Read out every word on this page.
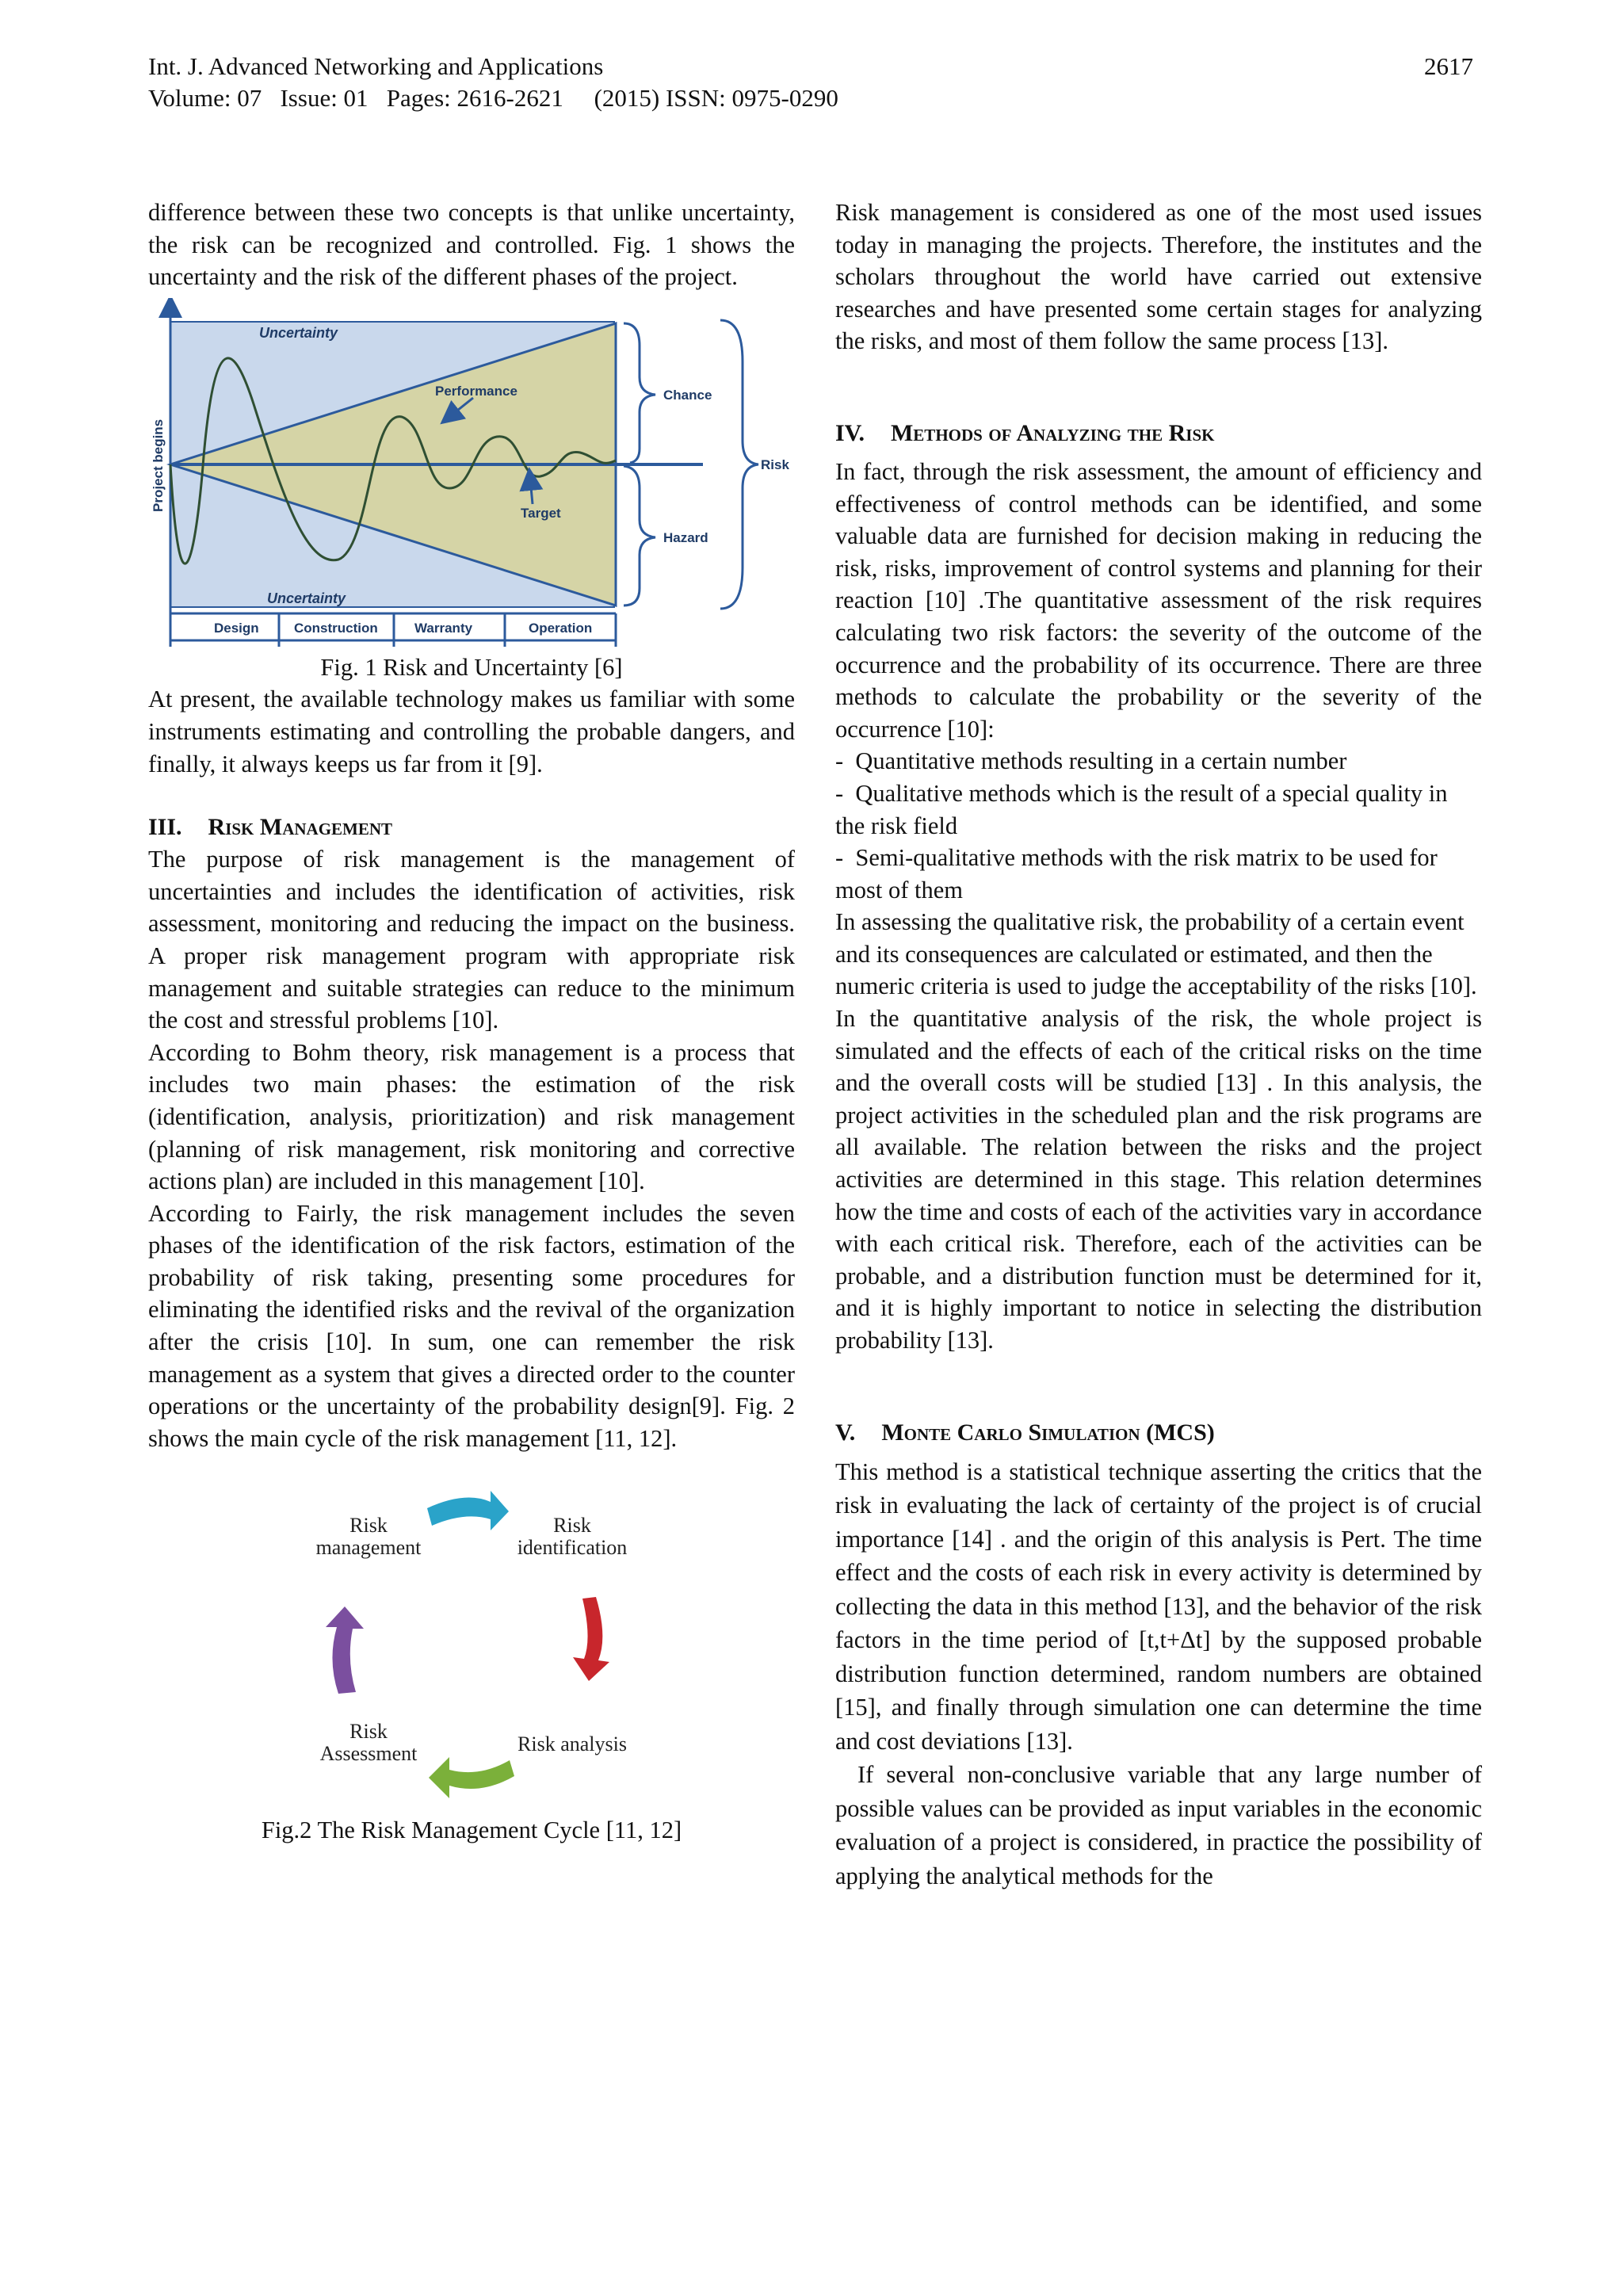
Int. J. Advanced Networking and Applications	2617
Volume: 07   Issue: 01   Pages: 2616-2621     (2015) ISSN: 0975-0290

difference between these two concepts is that unlike uncertainty, the risk can be recognized and controlled. Fig. 1 shows the uncertainty and the risk of the different phases of the project.

Uncertainty
Uncertainty
Performance
Target
Chance
Hazard
Risk
Project begins
Design	Construction	Warranty	Operation

Fig. 1 Risk and Uncertainty [6]

At present, the available technology makes us familiar with some instruments estimating and controlling the probable dangers, and finally, it always keeps us far from it [9].

III. Risk Management

The purpose of risk management is the management of uncertainties and includes the identification of activities, risk assessment, monitoring and reducing the impact on the business. A proper risk management program with appropriate risk management and suitable strategies can reduce to the minimum the cost and stressful problems [10].

According to Bohm theory, risk management is a process that includes two main phases: the estimation of the risk (identification, analysis, prioritization) and risk management (planning of risk management, risk monitoring and corrective actions plan) are included in this management [10].

According to Fairly, the risk management includes the seven phases of the identification of the risk factors, estimation of the probability of risk taking, presenting some procedures for eliminating the identified risks and the revival of the organization after the crisis [10]. In sum, one can remember the risk management as a system that gives a directed order to the counter operations or the uncertainty of the probability design[9]. Fig. 2 shows the main cycle of the risk management [11, 12].

Risk
management
Risk
identification
Risk
Assessment	Risk analysis

Fig.2 The Risk Management Cycle [11, 12]

Risk management is considered as one of the most used issues today in managing the projects. Therefore, the institutes and the scholars throughout the world have carried out extensive researches and have presented some certain stages for analyzing the risks, and most of them follow the same process [13].

IV. Methods of Analyzing the Risk

In fact, through the risk assessment, the amount of efficiency and effectiveness of control methods can be identified, and some valuable data are furnished for decision making in reducing the risk, risks, improvement of control systems and planning for their reaction [10] .The quantitative assessment of the risk requires calculating two risk factors: the severity of the outcome of the occurrence and the probability of its occurrence. There are three methods to calculate the probability or the severity of the occurrence [10]:

-  Quantitative methods resulting in a certain number
-  Qualitative methods which is the result of a special quality in the risk field
-  Semi-qualitative methods with the risk matrix to be used for most of them

In assessing the qualitative risk, the probability of a certain event and its consequences are calculated or estimated, and then the numeric criteria is used to judge the acceptability of the risks [10].

In the quantitative analysis of the risk, the whole project is simulated and the effects of each of the critical risks on the time and the overall costs will be studied [13] . In this analysis, the project activities in the scheduled plan and the risk programs are all available. The relation between the risks and the project activities are determined in this stage. This relation determines how the time and costs of each of the activities vary in accordance with each critical risk. Therefore, each of the activities can be probable, and a distribution function must be determined for it, and it is highly important to notice in selecting the distribution probability [13].

V. Monte Carlo Simulation (MCS)

This method is a statistical technique asserting the critics that the risk in evaluating the lack of certainty of the project is of crucial importance [14] . and the origin of this analysis is Pert. The time effect and the costs of each risk in every activity is determined by collecting the data in this method [13], and the behavior of the risk factors in the time period of [t,t+Δt] by the supposed probable distribution function determined, random numbers are obtained [15], and finally through simulation one can determine the time and cost deviations [13].

If several non-conclusive variable that any large number of possible values can be provided as input variables in the economic evaluation of a project is considered, in practice the possibility of applying the analytical methods for the
